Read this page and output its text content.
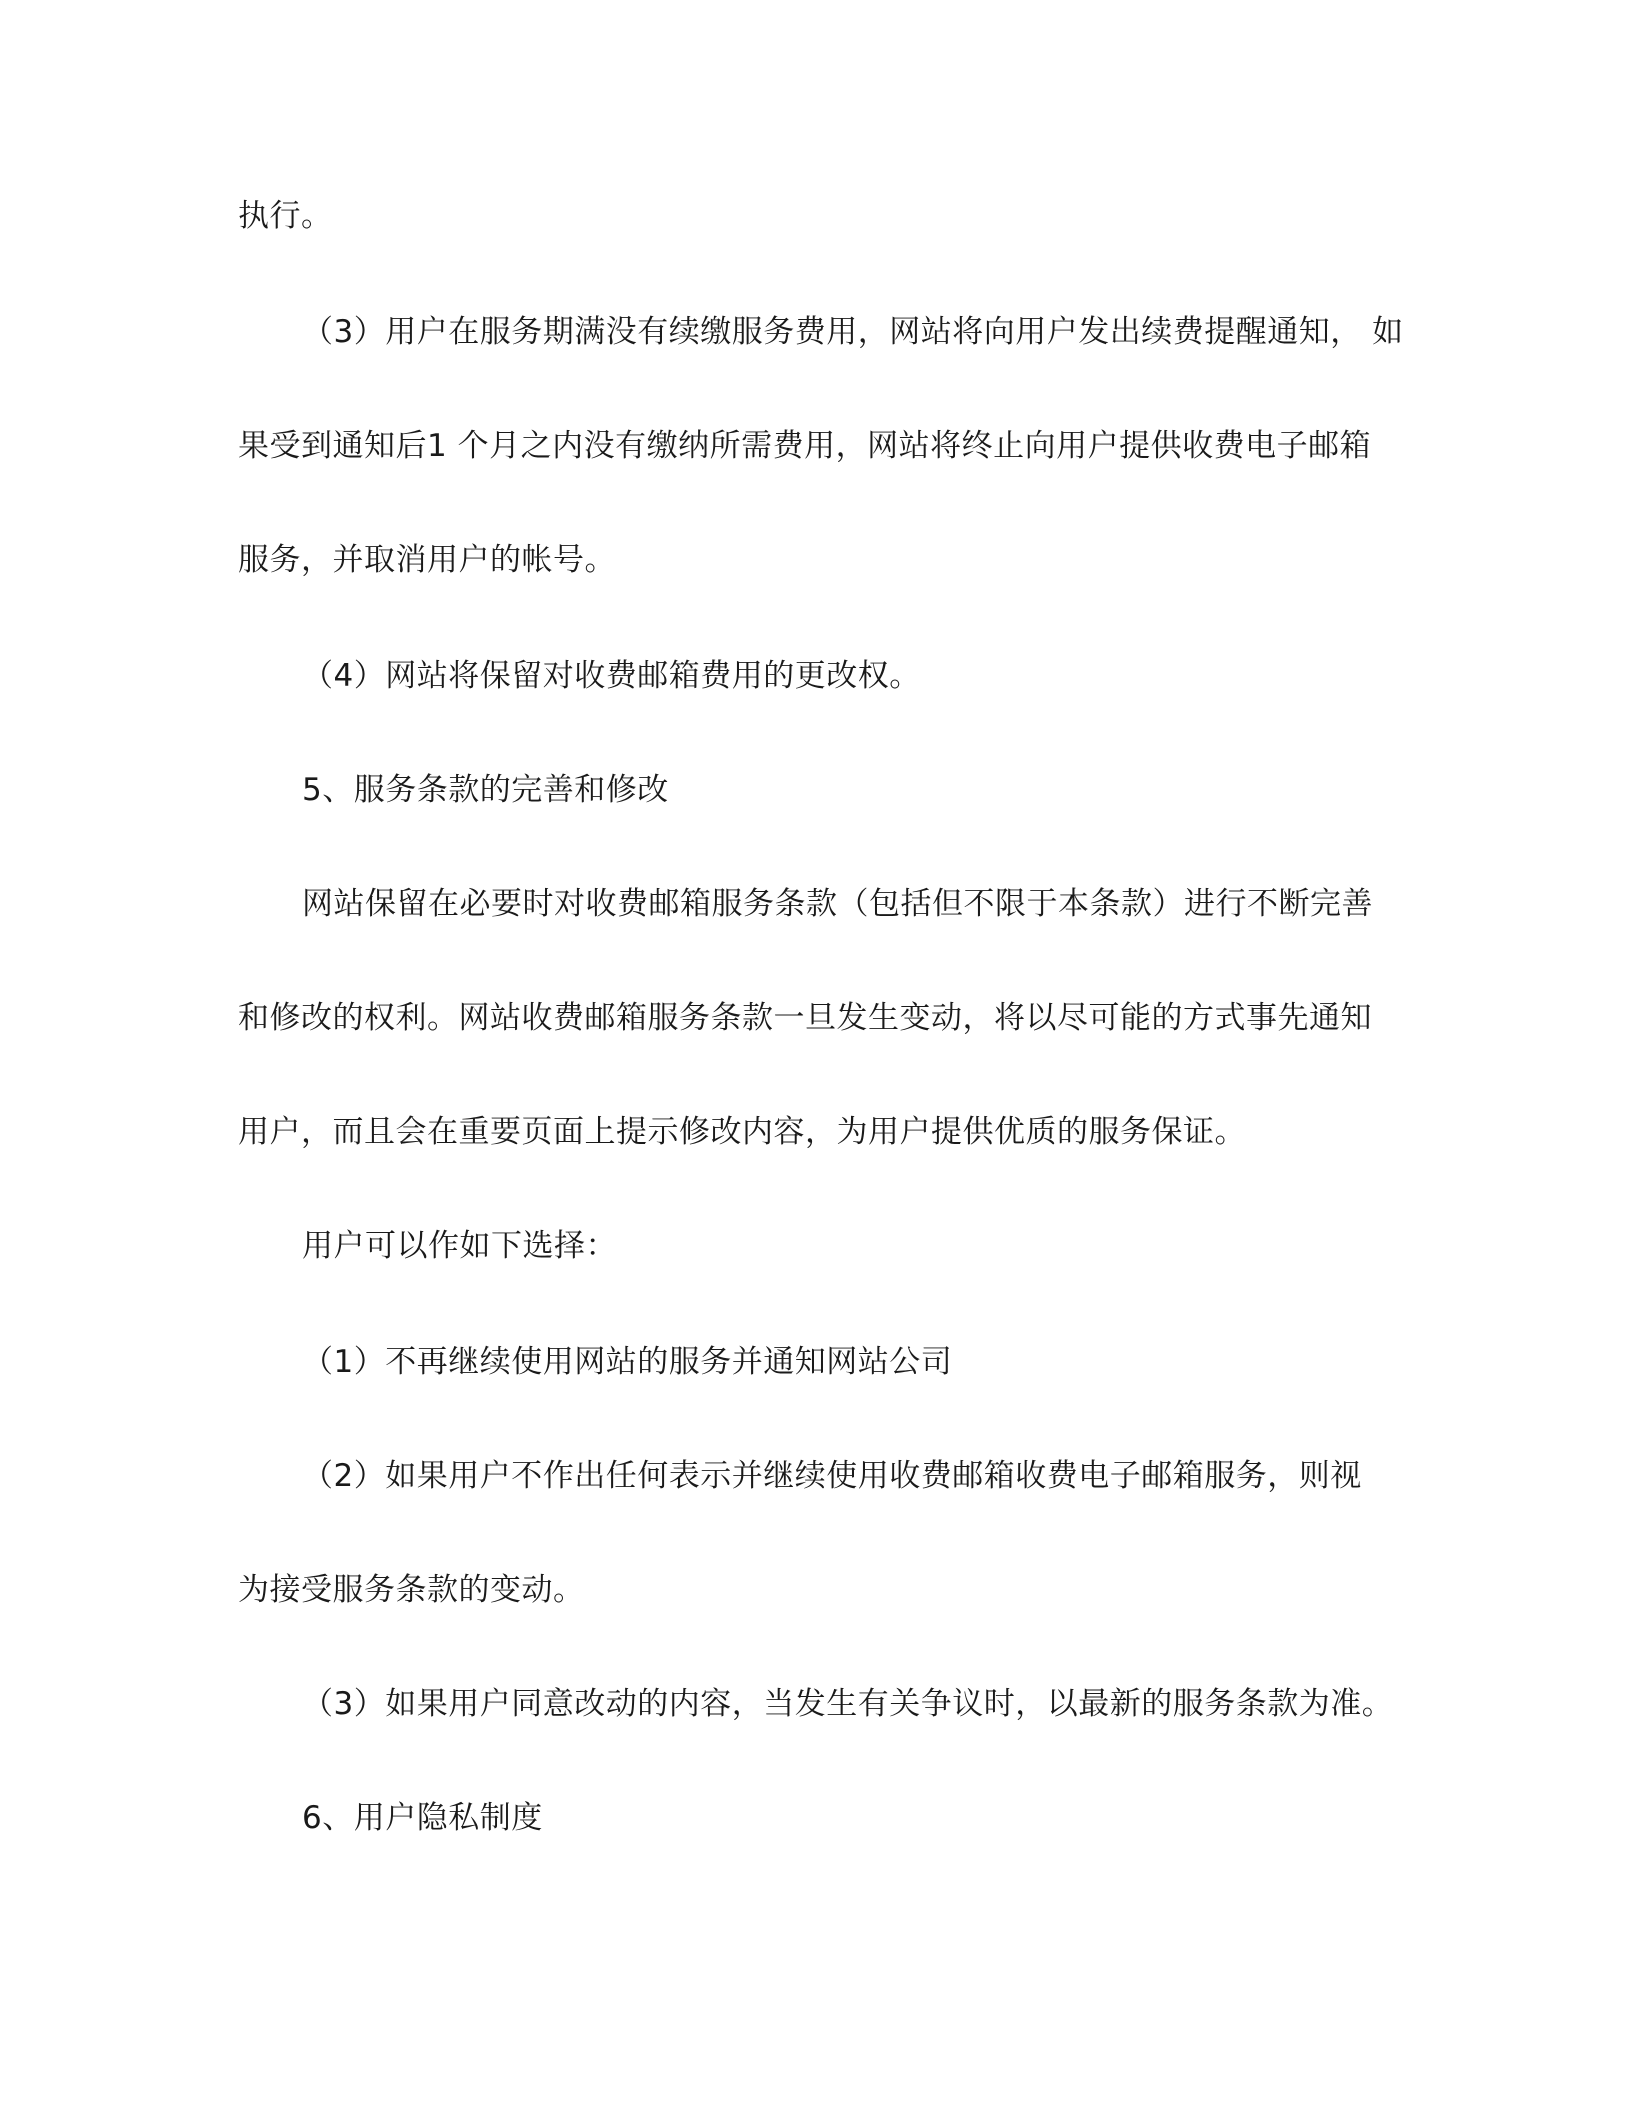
执行。
（3）用户在服务期满没有续缴服务费用，网站将向用户发出续费提醒通知， 如
果受到通知后1 个月之内没有缴纳所需费用，网站将终止向用户提供收费电子邮箱
服务，并取消用户的帐号。
（4）网站将保留对收费邮箱费用的更改权。
5、服务条款的完善和修改
网站保留在必要时对收费邮箱服务条款（包括但不限于本条款）进行不断完善
和修改的权利。网站收费邮箱服务条款一旦发生变动，将以尽可能的方式事先通知
用户，而且会在重要页面上提示修改内容，为用户提供优质的服务保证。
用户可以作如下选择：
（1）不再继续使用网站的服务并通知网站公司
（2）如果用户不作出任何表示并继续使用收费邮箱收费电子邮箱服务，则视
为接受服务条款的变动。
（3）如果用户同意改动的内容，当发生有关争议时，以最新的服务条款为准。
6、用户隐私制度
